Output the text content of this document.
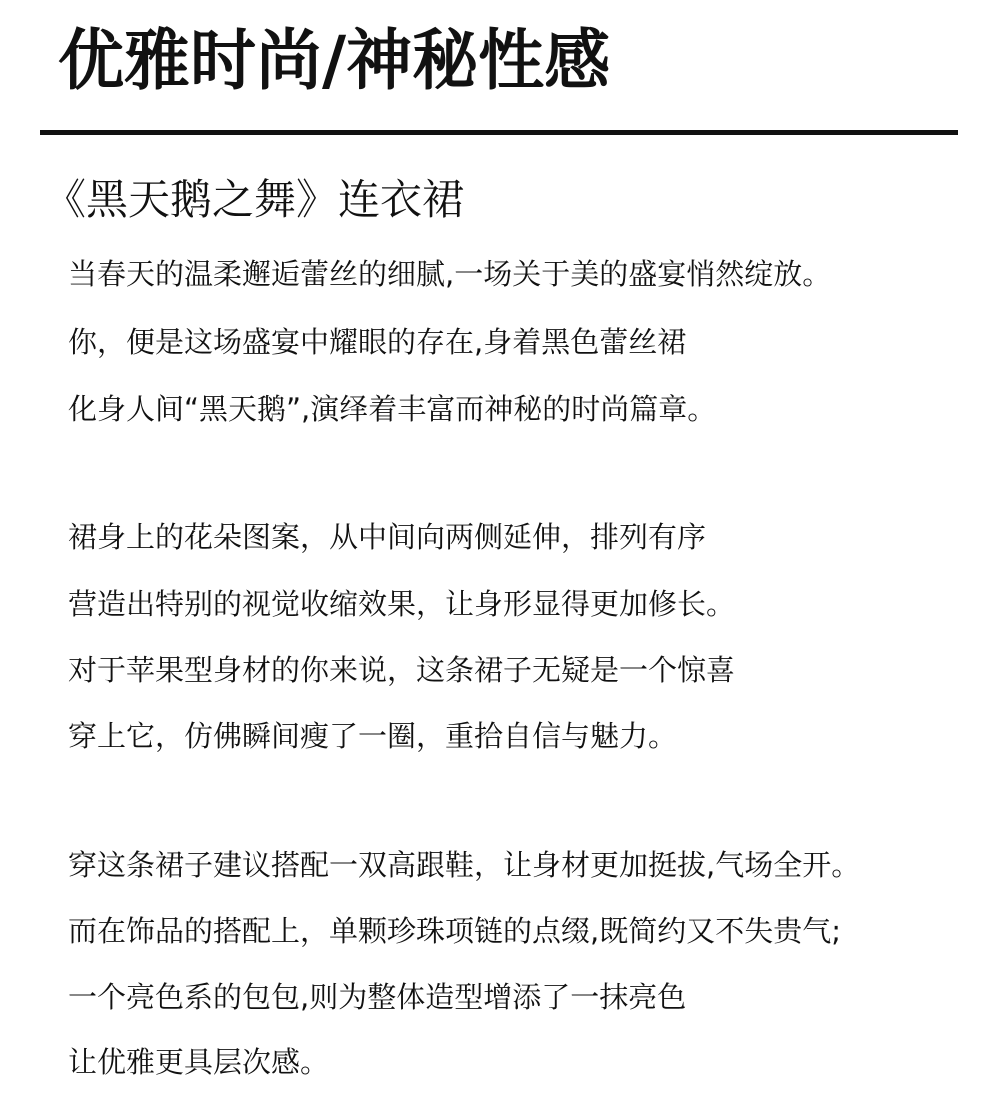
优雅时尚/神秘性感
《黑天鹅之舞》连衣裙

当春天的温柔邂逅蕾丝的细腻,一场关于美的盛宴悄然绽放。

你，便是这场盛宴中耀眼的存在,身着黑色蕾丝裙

化身人间“黑天鹅”,演绎着丰富而神秘的时尚篇章。

裙身上的花朵图案，从中间向两侧延伸，排列有序

营造出特别的视觉收缩效果，让身形显得更加修长。

对于苹果型身材的你来说，这条裙子无疑是一个惊喜

穿上它，仿佛瞬间瘦了一圈，重拾自信与魅力。

穿这条裙子建议搭配一双高跟鞋，让身材更加挺拔,气场全开。

而在饰品的搭配上，单颗珍珠项链的点缀,既简约又不失贵气;

一个亮色系的包包,则为整体造型增添了一抹亮色

让优雅更具层次感。
